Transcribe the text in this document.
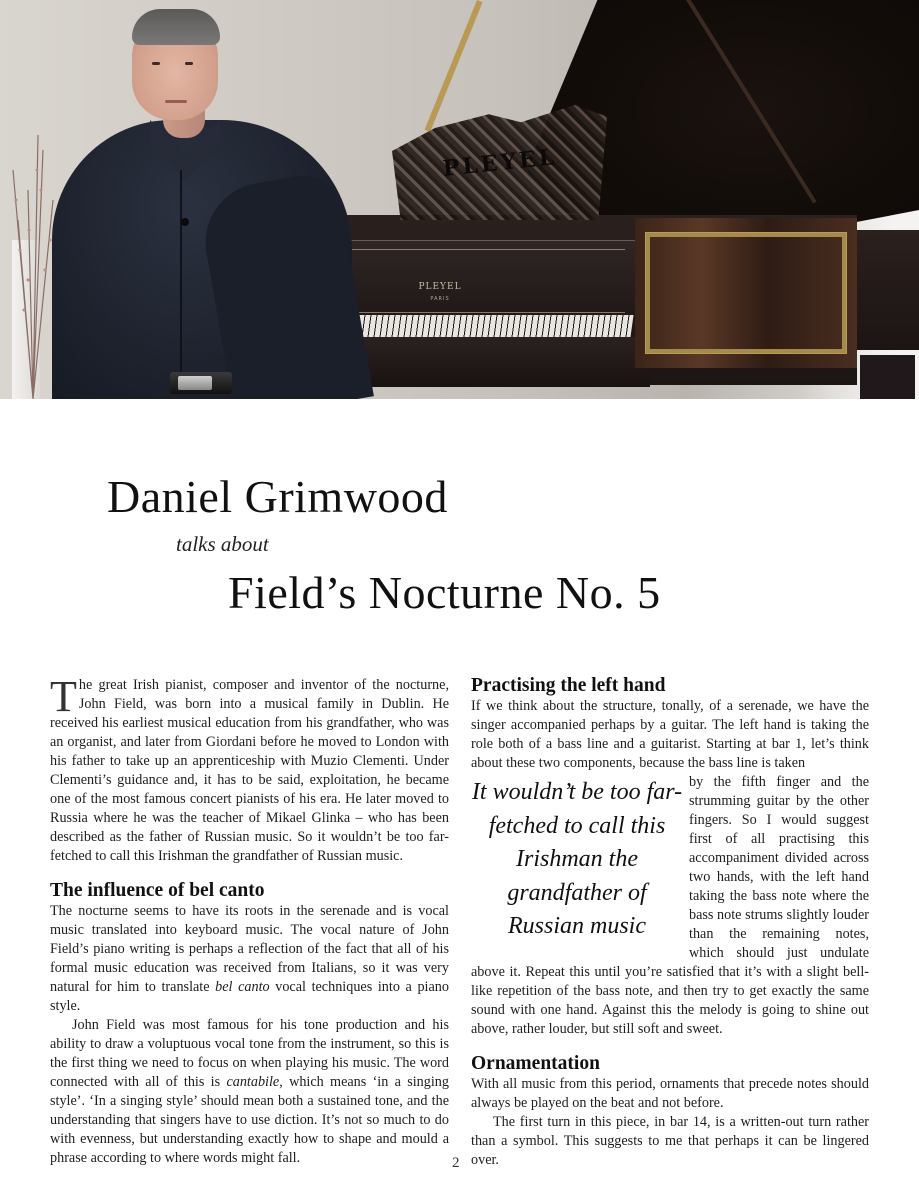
PLEYEL
PLEYEL
PARIS
Daniel Grimwood
talks about
Field’s Nocturne No. 5

The great Irish pianist, composer and inventor of the nocturne, John Field, was born into a musical family in Dublin. He received his earliest musical education from his grandfather, who was an organist, and later from Giordani before he moved to London with his father to take up an apprenticeship with Muzio Clementi. Under Clementi’s guidance and, it has to be said, exploitation, he became one of the most famous concert pianists of his era. He later moved to Russia where he was the teacher of Mikael Glinka – who has been described as the father of Russian music. So it wouldn’t be too far-fetched to call this Irishman the grandfather of Russian music.

The influence of bel canto

The nocturne seems to have its roots in the serenade and is vocal music translated into keyboard music. The vocal nature of John Field’s piano writing is perhaps a reflection of the fact that all of his formal music education was received from Italians, so it was very natural for him to translate bel canto vocal techniques into a piano style.

John Field was most famous for his tone production and his ability to draw a voluptuous vocal tone from the instrument, so this is the first thing we need to focus on when playing his music. The word connected with all of this is cantabile, which means ‘in a singing style’. ‘In a singing style’ should mean both a sustained tone, and the understanding that singers have to use diction. It’s not so much to do with evenness, but understanding exactly how to shape and mould a phrase according to where words might fall.

Practising the left hand

If we think about the structure, tonally, of a serenade, we have the singer accompanied perhaps by a guitar. The left hand is taking the role both of a bass line and a guitarist. Starting at bar 1, let’s think about these two components, because the bass line is taken

It wouldn’t be too far-fetched to call this Irishman the grandfather of Russian music

by the fifth finger and the strumming guitar by the other fingers. So I would suggest first of all practising this accompaniment divided across two hands, with the left hand taking the bass note where the bass note strums slightly louder than the remaining notes, which should just undulate above it. Repeat this until you’re satisfied that it’s with a slight bell-like repetition of the bass note, and then try to get exactly the same sound with one hand. Against this the melody is going to shine out above, rather louder, but still soft and sweet.

Ornamentation

With all music from this period, ornaments that precede notes should always be played on the beat and not before.

The first turn in this piece, in bar 14, is a written-out turn rather than a symbol. This suggests to me that perhaps it can be lingered over.

2
